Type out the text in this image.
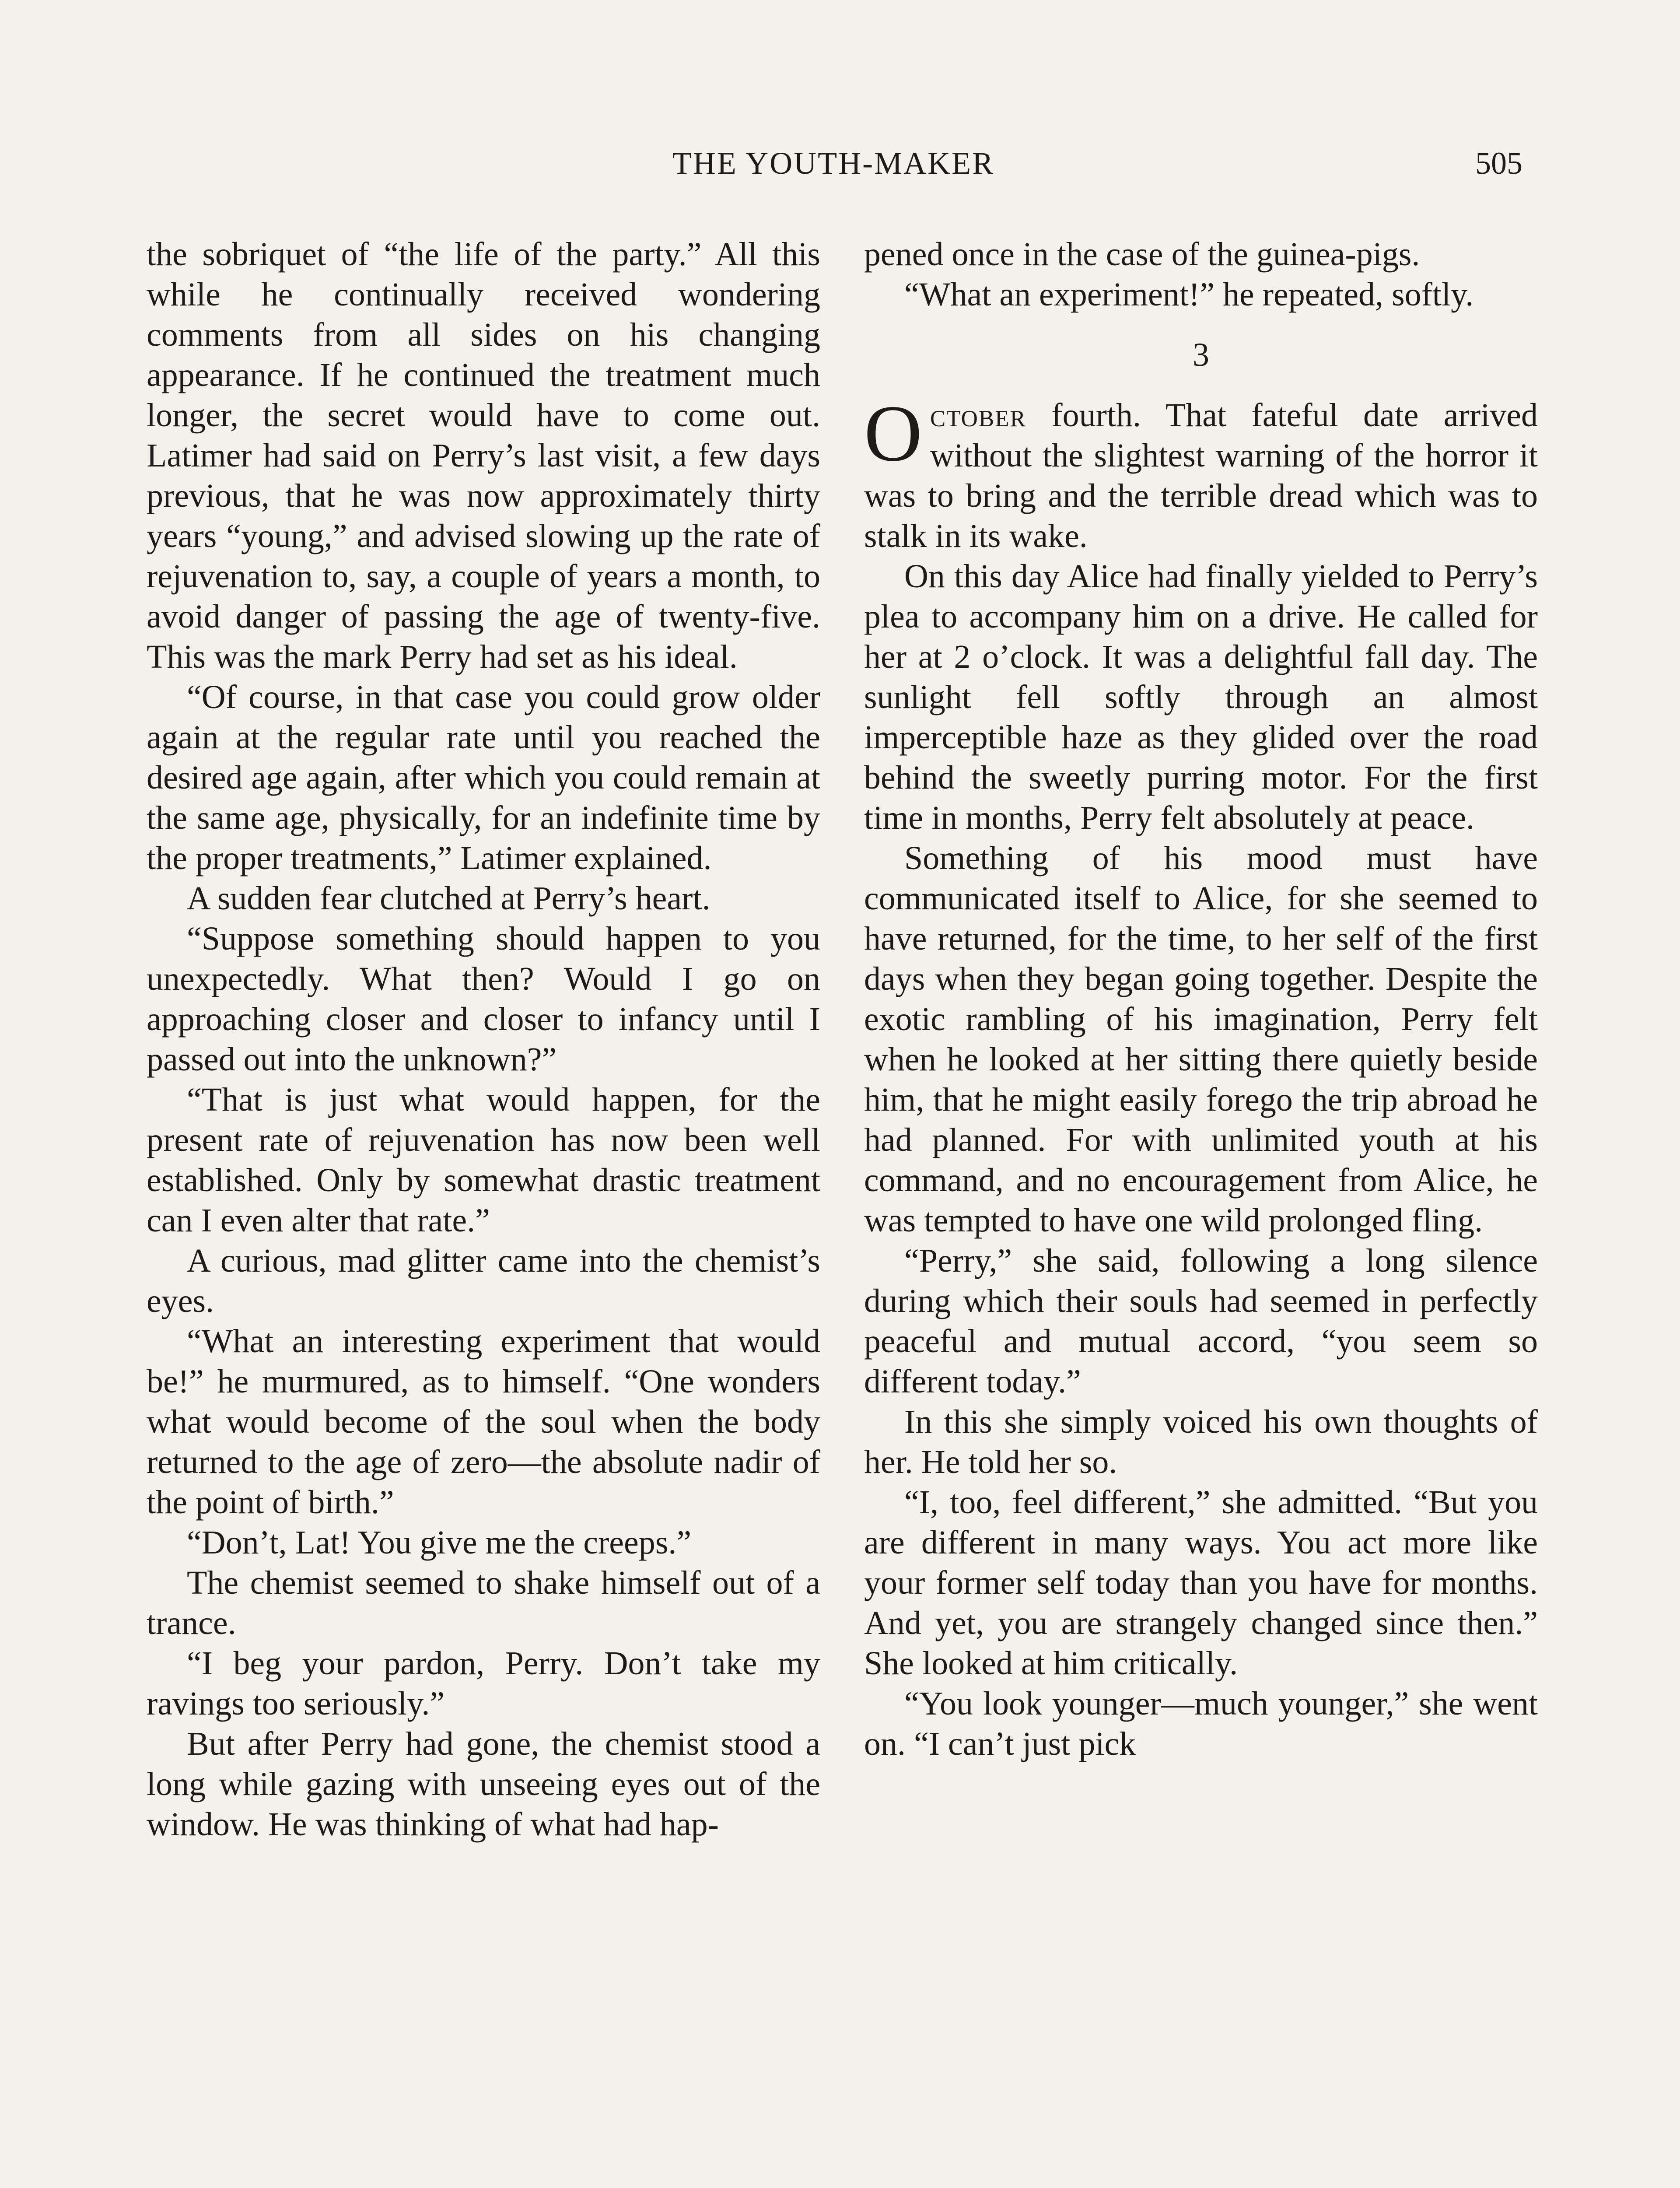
THE YOUTH-MAKER	505

the sobriquet of “the life of the party.” All this while he continually received wondering comments from all sides on his changing appearance. If he continued the treatment much longer, the secret would have to come out. Latimer had said on Perry’s last visit, a few days previous, that he was now approximately thirty years “young,” and advised slowing up the rate of rejuvenation to, say, a couple of years a month, to avoid danger of passing the age of twenty-five. This was the mark Perry had set as his ideal.

“Of course, in that case you could grow older again at the regular rate until you reached the desired age again, after which you could remain at the same age, physically, for an indefinite time by the proper treatments,” Latimer explained.

A sudden fear clutched at Perry’s heart.

“Suppose something should happen to you unexpectedly. What then? Would I go on approaching closer and closer to infancy until I passed out into the unknown?”

“That is just what would happen, for the present rate of rejuvenation has now been well established. Only by somewhat drastic treatment can I even alter that rate.”

A curious, mad glitter came into the chemist’s eyes.

“What an interesting experiment that would be!” he murmured, as to himself. “One wonders what would become of the soul when the body returned to the age of zero—the absolute nadir of the point of birth.”

“Don’t, Lat! You give me the creeps.”

The chemist seemed to shake himself out of a trance.

“I beg your pardon, Perry. Don’t take my ravings too seriously.”

But after Perry had gone, the chemist stood a long while gazing with unseeing eyes out of the window. He was thinking of what had hap-

pened once in the case of the guinea-pigs.

“What an experiment!” he repeated, softly.

3

October fourth. That fateful date arrived without the slightest warning of the horror it was to bring and the terrible dread which was to stalk in its wake.

On this day Alice had finally yielded to Perry’s plea to accompany him on a drive. He called for her at 2 o’clock. It was a delightful fall day. The sunlight fell softly through an almost imperceptible haze as they glided over the road behind the sweetly purring motor. For the first time in months, Perry felt absolutely at peace.

Something of his mood must have communicated itself to Alice, for she seemed to have returned, for the time, to her self of the first days when they began going together. Despite the exotic rambling of his imagination, Perry felt when he looked at her sitting there quietly beside him, that he might easily forego the trip abroad he had planned. For with unlimited youth at his command, and no encouragement from Alice, he was tempted to have one wild prolonged fling.

“Perry,” she said, following a long silence during which their souls had seemed in perfectly peaceful and mutual accord, “you seem so different today.”

In this she simply voiced his own thoughts of her. He told her so.

“I, too, feel different,” she admitted. “But you are different in many ways. You act more like your former self today than you have for months. And yet, you are strangely changed since then.” She looked at him critically.

“You look younger—much younger,” she went on. “I can’t just pick
